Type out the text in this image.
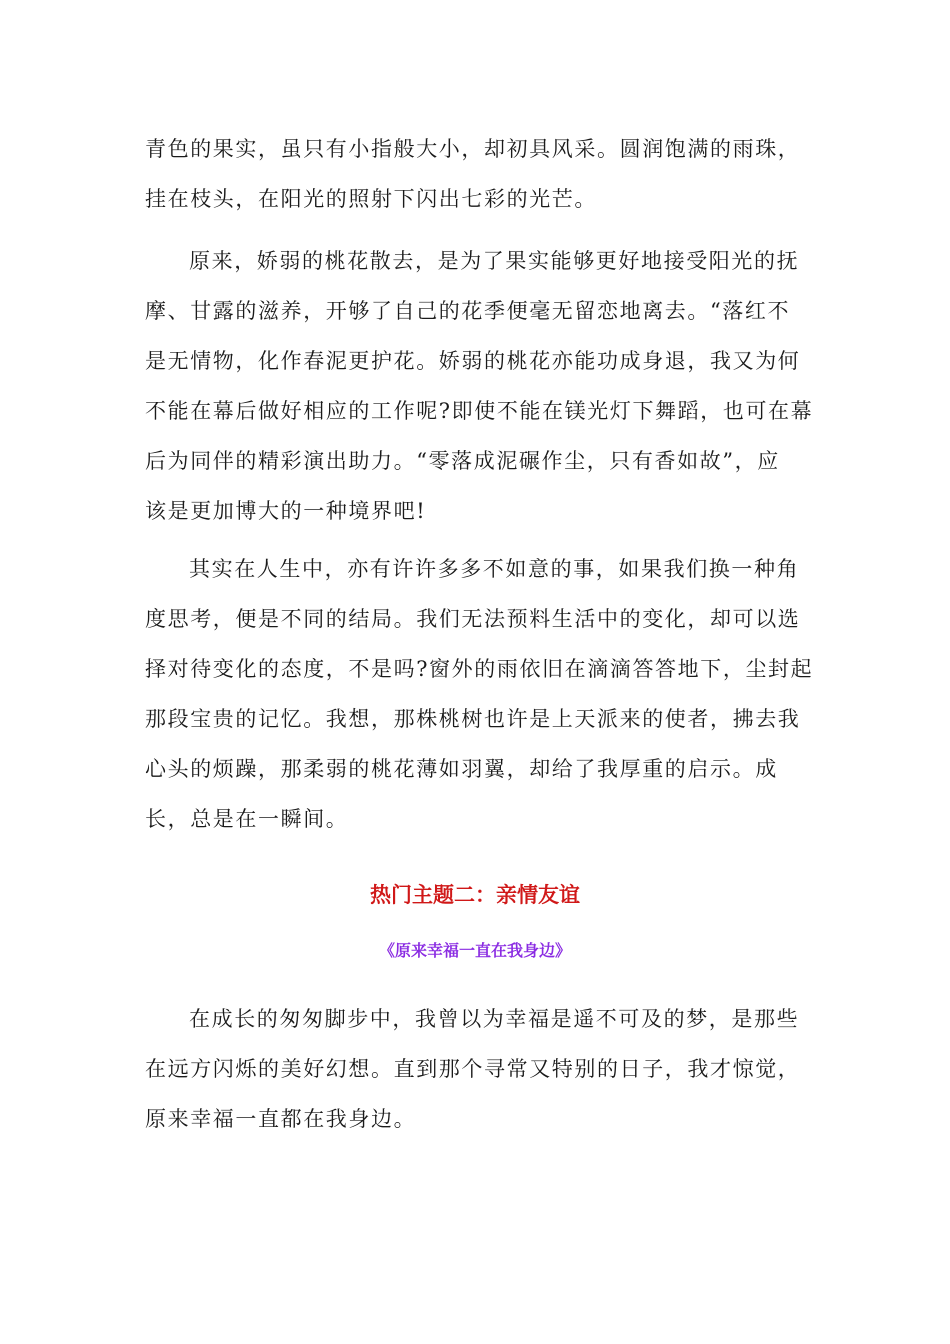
青色的果实，虽只有小指般大小，却初具风采。圆润饱满的雨珠，
挂在枝头，在阳光的照射下闪出七彩的光芒。

原来，娇弱的桃花散去，是为了果实能够更好地接受阳光的抚
摩、甘露的滋养，开够了自己的花季便毫无留恋地离去。“落红不
是无情物，化作春泥更护花。娇弱的桃花亦能功成身退，我又为何
不能在幕后做好相应的工作呢?即使不能在镁光灯下舞蹈，也可在幕
后为同伴的精彩演出助力。“零落成泥碾作尘，只有香如故”，应
该是更加博大的一种境界吧!

其实在人生中，亦有许许多多不如意的事，如果我们换一种角
度思考，便是不同的结局。我们无法预料生活中的变化，却可以选
择对待变化的态度，不是吗?窗外的雨依旧在滴滴答答地下，尘封起
那段宝贵的记忆。我想，那株桃树也许是上天派来的使者，拂去我
心头的烦躁，那柔弱的桃花薄如羽翼，却给了我厚重的启示。成
长，总是在一瞬间。

热门主题二：亲情友谊
《原来幸福一直在我身边》

在成长的匆匆脚步中，我曾以为幸福是遥不可及的梦，是那些
在远方闪烁的美好幻想。直到那个寻常又特别的日子，我才惊觉，
原来幸福一直都在我身边。
